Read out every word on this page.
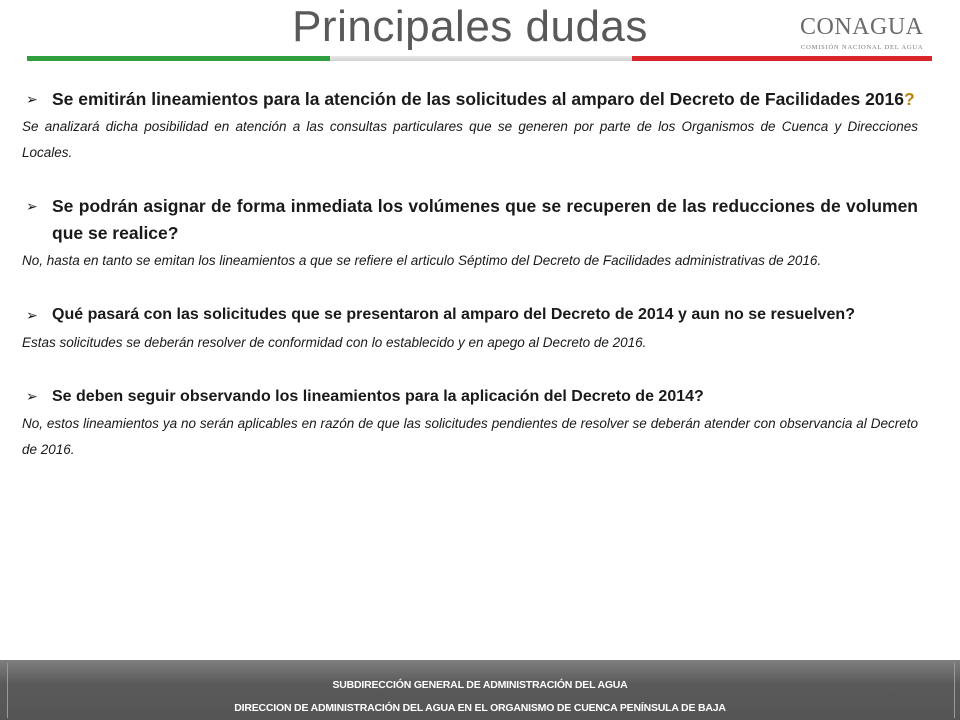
Principales dudas	CONAGUA
COMISIÓN NACIONAL DEL AGUA
➢ Se emitirán lineamientos para la atención de las solicitudes al amparo del Decreto de Facilidades 2016?
Se analizará dicha posibilidad en atención a las consultas particulares que se generen por parte de los Organismos de Cuenca y Direcciones Locales.
➢ Se podrán asignar de forma inmediata los volúmenes que se recuperen de las reducciones de volumen que se realice?
No, hasta en tanto se emitan los lineamientos a que se refiere el articulo Séptimo del Decreto de Facilidades administrativas de 2016.
➢ Qué pasará con las solicitudes que se presentaron al amparo del Decreto de 2014 y aun no se resuelven?
Estas solicitudes se deberán resolver de conformidad con lo establecido y en apego al Decreto de 2016.
➢ Se deben seguir observando los lineamientos para la aplicación del Decreto de 2014?
No, estos lineamientos ya no serán aplicables en razón de que las solicitudes pendientes de resolver se deberán atender con observancia al Decreto de 2016.
SUBDIRECCIÓN GENERAL DE ADMINISTRACIÓN DEL AGUA
DIRECCION DE ADMINISTRACIÓN DEL AGUA EN EL ORGANISMO DE CUENCA PENÍNSULA DE BAJA
